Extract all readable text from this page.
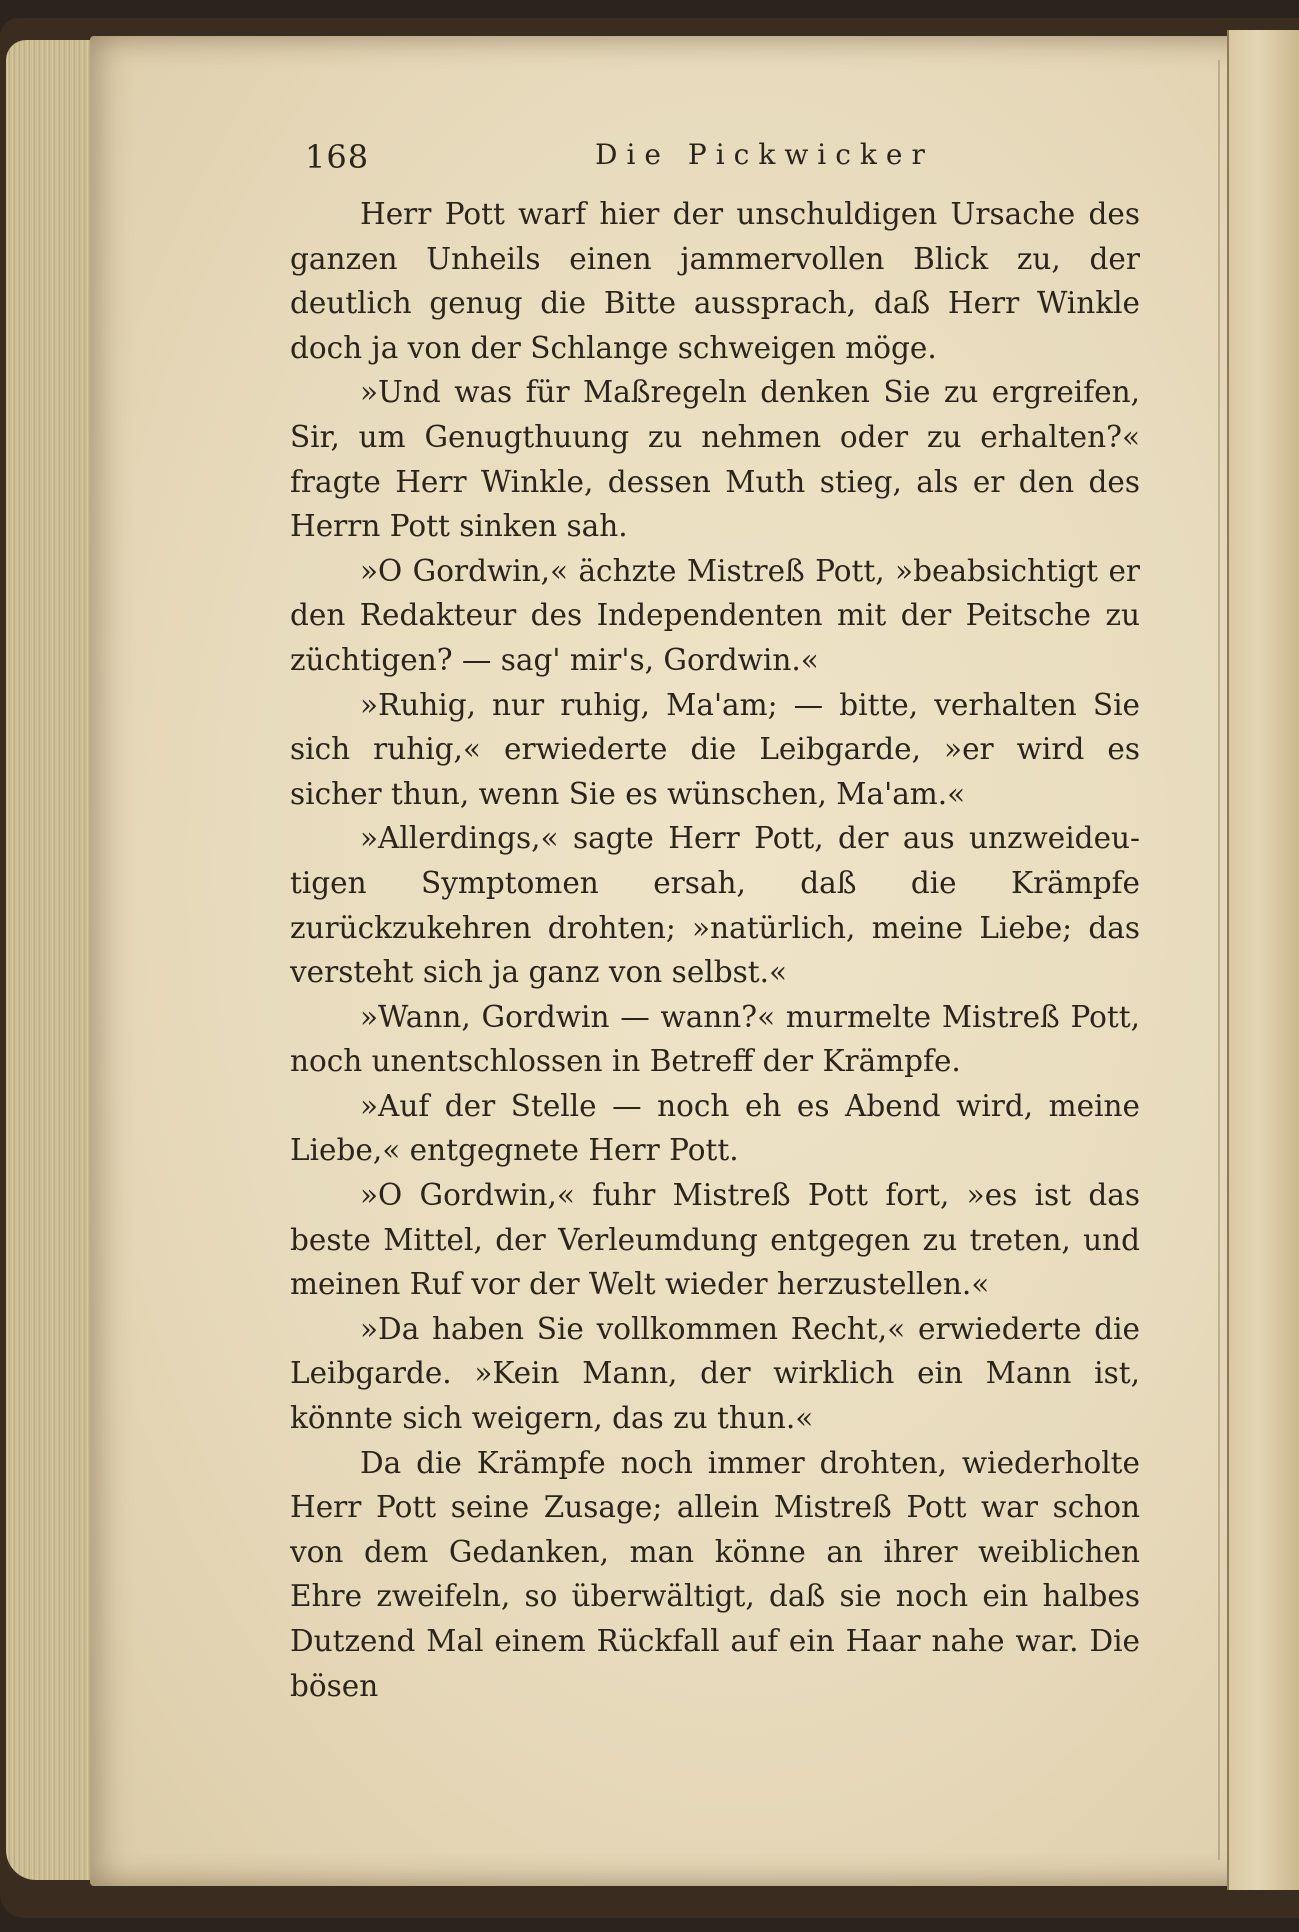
168	Die Pickwicker

Herr Pott warf hier der unschuldigen Ursache des ganzen Unheils einen jammervollen Blick zu, der deutlich genug die Bitte aussprach, daß Herr Winkle doch ja von der Schlange schweigen möge.

»Und was für Maßregeln denken Sie zu ergreifen, Sir, um Genugthuung zu nehmen oder zu erhalten?« fragte Herr Winkle, dessen Muth stieg, als er den des Herrn Pott sinken sah.

»O Gordwin,« ächzte Mistreß Pott, »beabsichtigt er den Redakteur des Independenten mit der Peitsche zu züchtigen? — sag' mir's, Gordwin.«

»Ruhig, nur ruhig, Ma'am; — bitte, verhalten Sie sich ruhig,« erwiederte die Leibgarde, »er wird es sicher thun, wenn Sie es wünschen, Ma'am.«

»Allerdings,« sagte Herr Pott, der aus unzweideutigen Symptomen ersah, daß die Krämpfe zurückzukehren drohten; »natürlich, meine Liebe; das versteht sich ja ganz von selbst.«

»Wann, Gordwin — wann?« murmelte Mistreß Pott, noch unentschlossen in Betreff der Krämpfe.

»Auf der Stelle — noch eh es Abend wird, meine Liebe,« entgegnete Herr Pott.

»O Gordwin,« fuhr Mistreß Pott fort, »es ist das beste Mittel, der Verleumdung entgegen zu treten, und meinen Ruf vor der Welt wieder herzustellen.«

»Da haben Sie vollkommen Recht,« erwiederte die Leibgarde. »Kein Mann, der wirklich ein Mann ist, könnte sich weigern, das zu thun.«

Da die Krämpfe noch immer drohten, wiederholte Herr Pott seine Zusage; allein Mistreß Pott war schon von dem Gedanken, man könne an ihrer weiblichen Ehre zweifeln, so überwältigt, daß sie noch ein halbes Dutzend Mal einem Rückfall auf ein Haar nahe war. Die bösen
